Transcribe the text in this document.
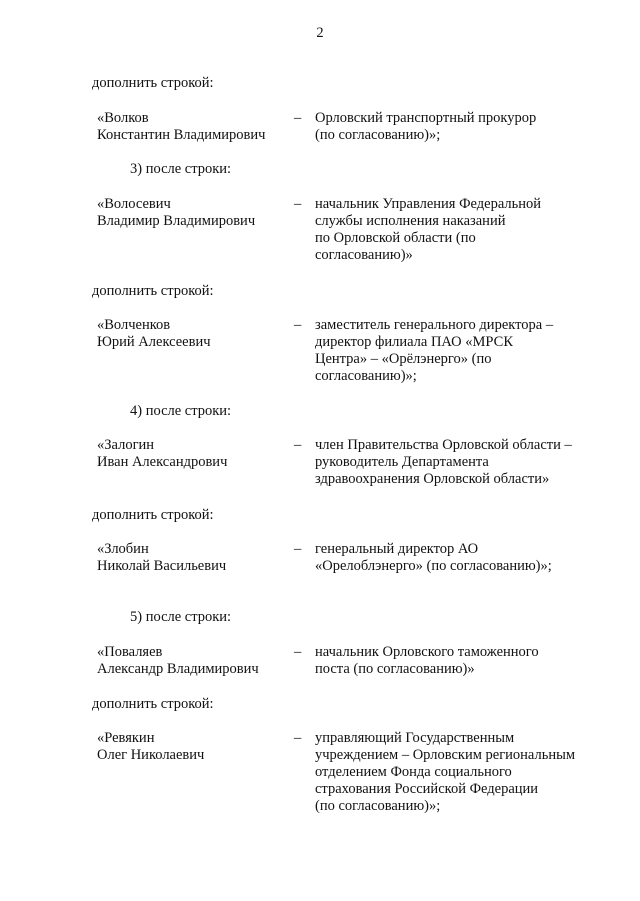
2
дополнить строкой:
«Волков
Константин Владимирович
– Орловский транспортный прокурор
(по согласованию)»;
3) после строки:
«Волосевич
Владимир Владимирович
– начальник Управления Федеральной
службы исполнения наказаний
по Орловской области (по
согласованию)»
дополнить строкой:
«Волченков
Юрий Алексеевич
– заместитель генерального директора –
директор филиала ПАО «МРСК
Центра» – «Орёлэнерго» (по
согласованию)»;
4) после строки:
«Залогин
Иван Александрович
– член Правительства Орловской области –
руководитель Департамента
здравоохранения Орловской области»
дополнить строкой:
«Злобин
Николай Васильевич
– генеральный директор АО
«Орелоблэнерго» (по согласованию)»;
5) после строки:
«Поваляев
Александр Владимирович
– начальник Орловского таможенного
поста (по согласованию)»
дополнить строкой:
«Ревякин
Олег Николаевич
– управляющий Государственным
учреждением – Орловским региональным
отделением Фонда социального
страхования Российской Федерации
(по согласованию)»;
